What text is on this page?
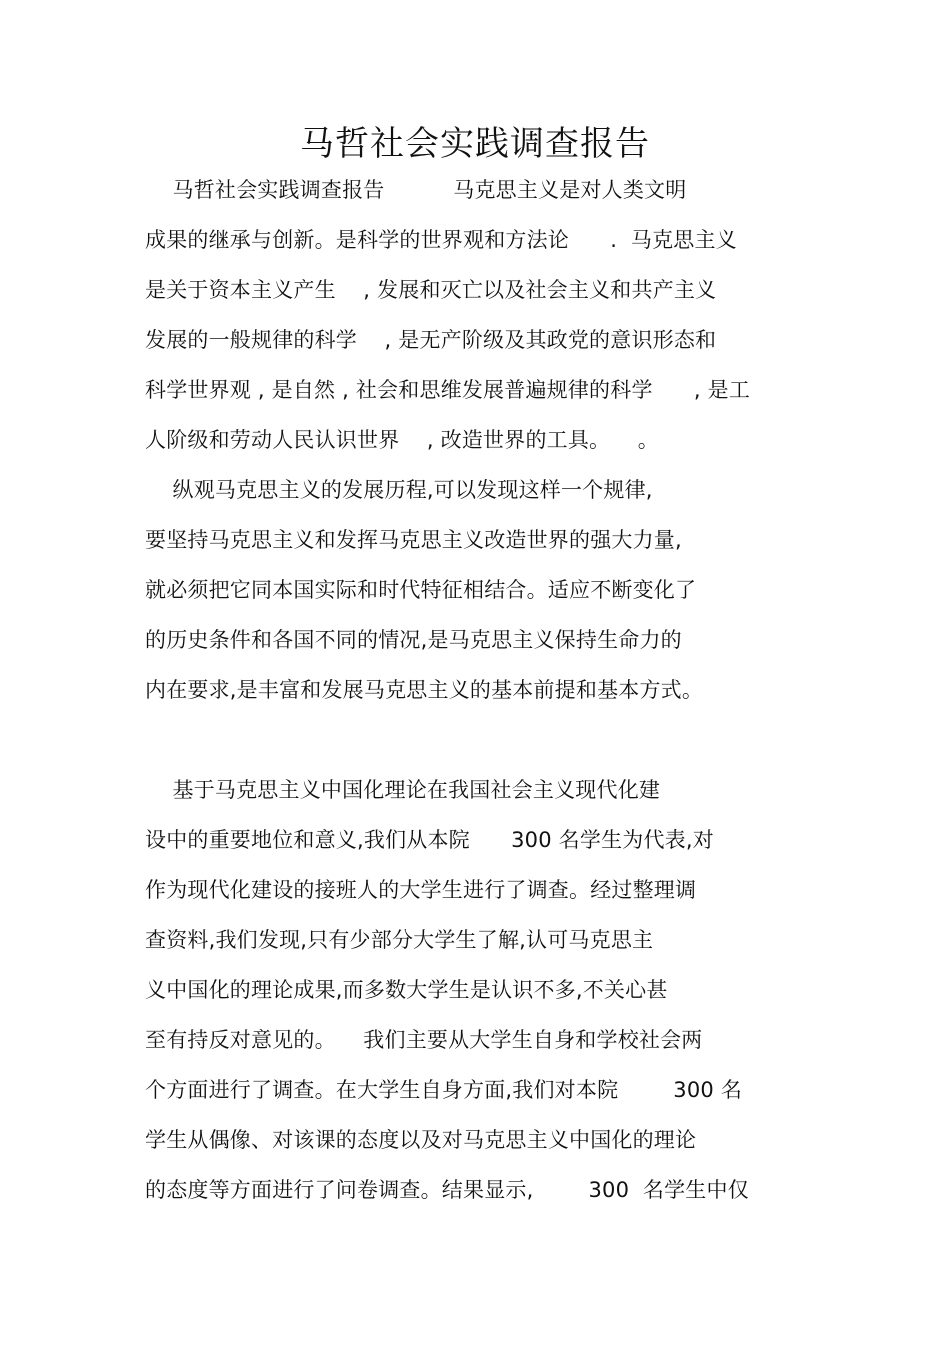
马哲社会实践调查报告
马哲社会实践调查报告          马克思主义是对人类文明
成果的继承与创新。是科学的世界观和方法论      .  马克思主义
是关于资本主义产生    , 发展和灭亡以及社会主义和共产主义
发展的一般规律的科学    , 是无产阶级及其政党的意识形态和
科学世界观 , 是自然 , 社会和思维发展普遍规律的科学      , 是工
人阶级和劳动人民认识世界    , 改造世界的工具。    。
纵观马克思主义的发展历程,可以发现这样一个规律,
要坚持马克思主义和发挥马克思主义改造世界的强大力量,
就必须把它同本国实际和时代特征相结合。适应不断变化了
的历史条件和各国不同的情况,是马克思主义保持生命力的
内在要求,是丰富和发展马克思主义的基本前提和基本方式。
基于马克思主义中国化理论在我国社会主义现代化建
设中的重要地位和意义,我们从本院      300 名学生为代表,对
作为现代化建设的接班人的大学生进行了调查。经过整理调
查资料,我们发现,只有少部分大学生了解,认可马克思主
义中国化的理论成果,而多数大学生是认识不多,不关心甚
至有持反对意见的。    我们主要从大学生自身和学校社会两
个方面进行了调查。在大学生自身方面,我们对本院        300 名
学生从偶像、对该课的态度以及对马克思主义中国化的理论
的态度等方面进行了问卷调查。结果显示,        300  名学生中仅
